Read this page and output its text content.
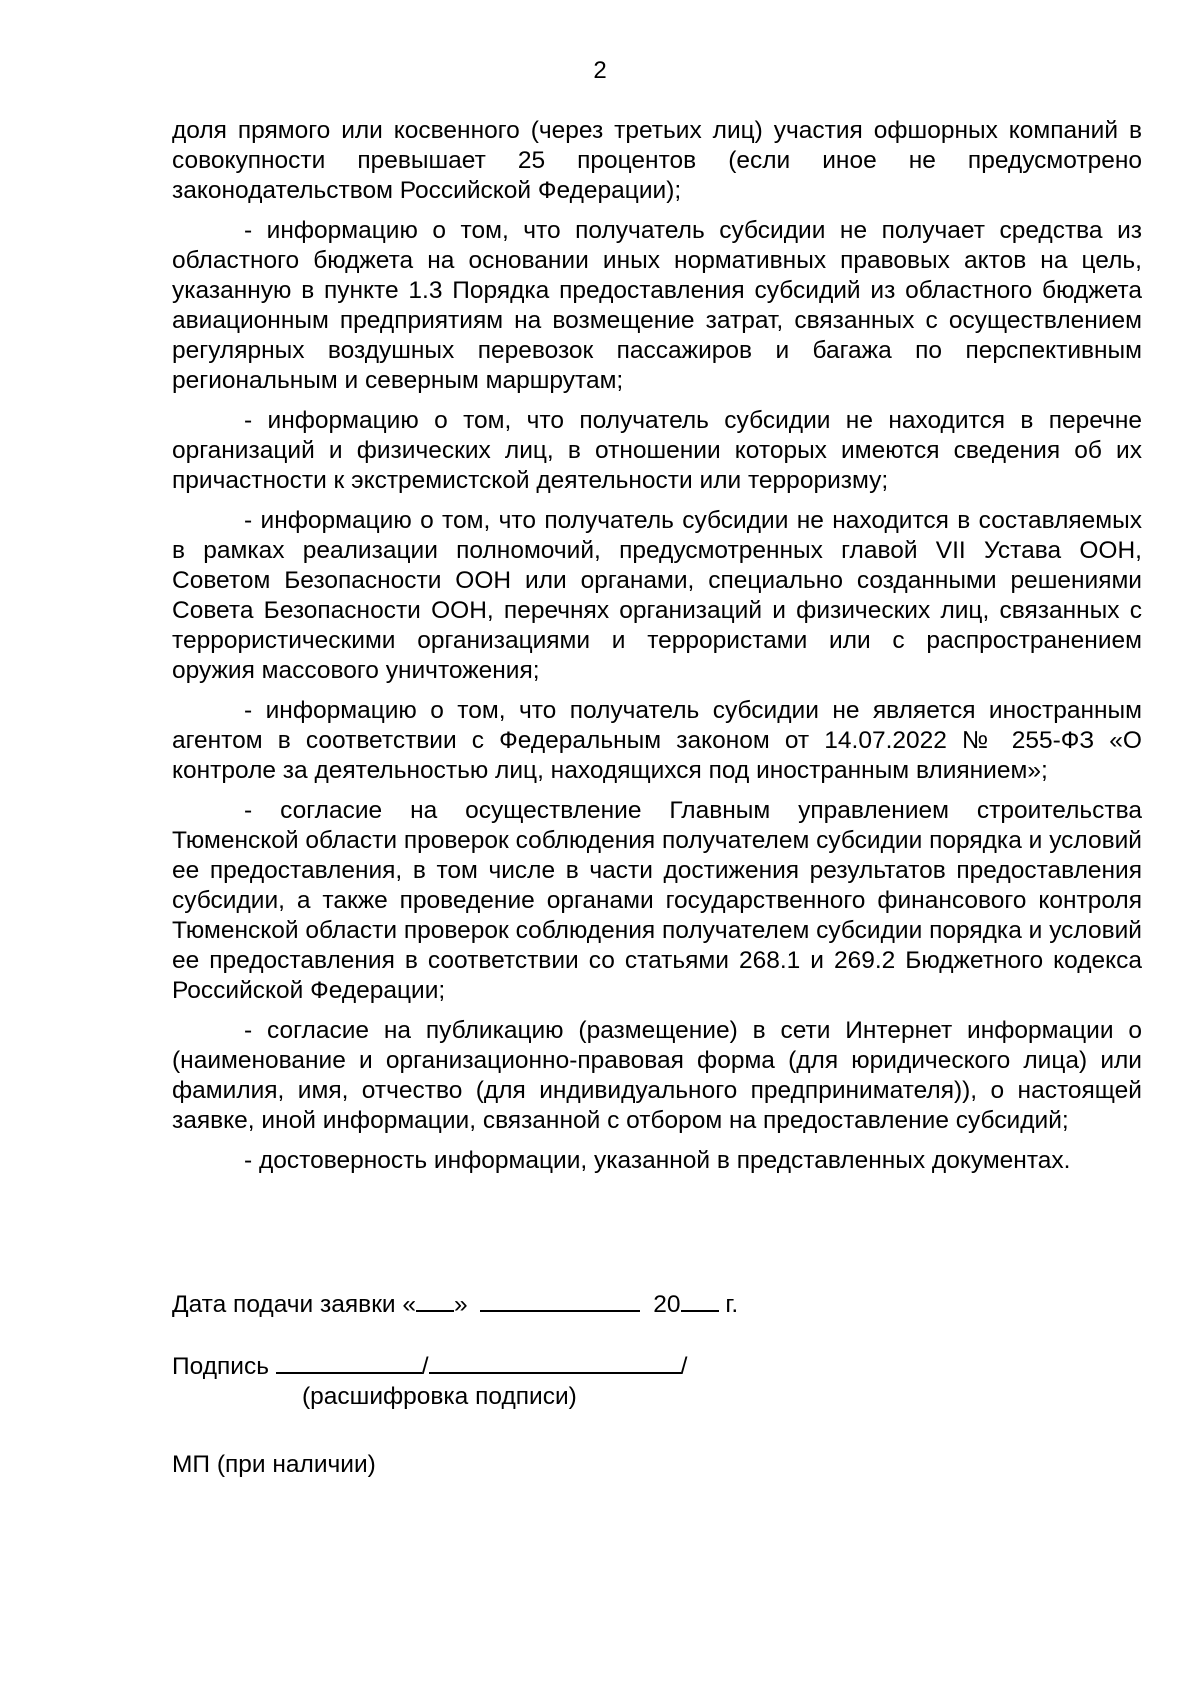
2

доля прямого или косвенного (через третьих лиц) участия офшорных компаний в совокупности превышает 25 процентов (если иное не предусмотрено законодательством Российской Федерации);

- информацию о том, что получатель субсидии не получает средства из областного бюджета на основании иных нормативных правовых актов на цель, указанную в пункте 1.3 Порядка предоставления субсидий из областного бюджета авиационным предприятиям на возмещение затрат, связанных с осуществлением регулярных воздушных перевозок пассажиров и багажа по перспективным региональным и северным маршрутам;

- информацию о том, что получатель субсидии не находится в перечне организаций и физических лиц, в отношении которых имеются сведения об их причастности к экстремистской деятельности или терроризму;

- информацию о том, что получатель субсидии не находится в составляемых в рамках реализации полномочий, предусмотренных главой VII Устава ООН, Советом Безопасности ООН или органами, специально созданными решениями Совета Безопасности ООН, перечнях организаций и физических лиц, связанных с террористическими организациями и террористами или с распространением оружия массового уничтожения;

- информацию о том, что получатель субсидии не является иностранным агентом в соответствии с Федеральным законом от 14.07.2022 № 255-ФЗ «О контроле за деятельностью лиц, находящихся под иностранным влиянием»;

- согласие на осуществление Главным управлением строительства Тюменской области проверок соблюдения получателем субсидии порядка и условий ее предоставления, в том числе в части достижения результатов предоставления субсидии, а также проведение органами государственного финансового контроля Тюменской области проверок соблюдения получателем субсидии порядка и условий ее предоставления в соответствии со статьями 268.1 и 269.2 Бюджетного кодекса Российской Федерации;

- согласие на публикацию (размещение) в сети Интернет информации о (наименование и организационно-правовая форма (для юридического лица) или фамилия, имя, отчество (для индивидуального предпринимателя)), о настоящей заявке, иной информации, связанной с отбором на предоставление субсидий;

- достоверность информации, указанной в представленных документах.

Дата подачи заявки « »	20 г.
Подпись	/	/
(расшифровка подписи)
МП (при наличии)
